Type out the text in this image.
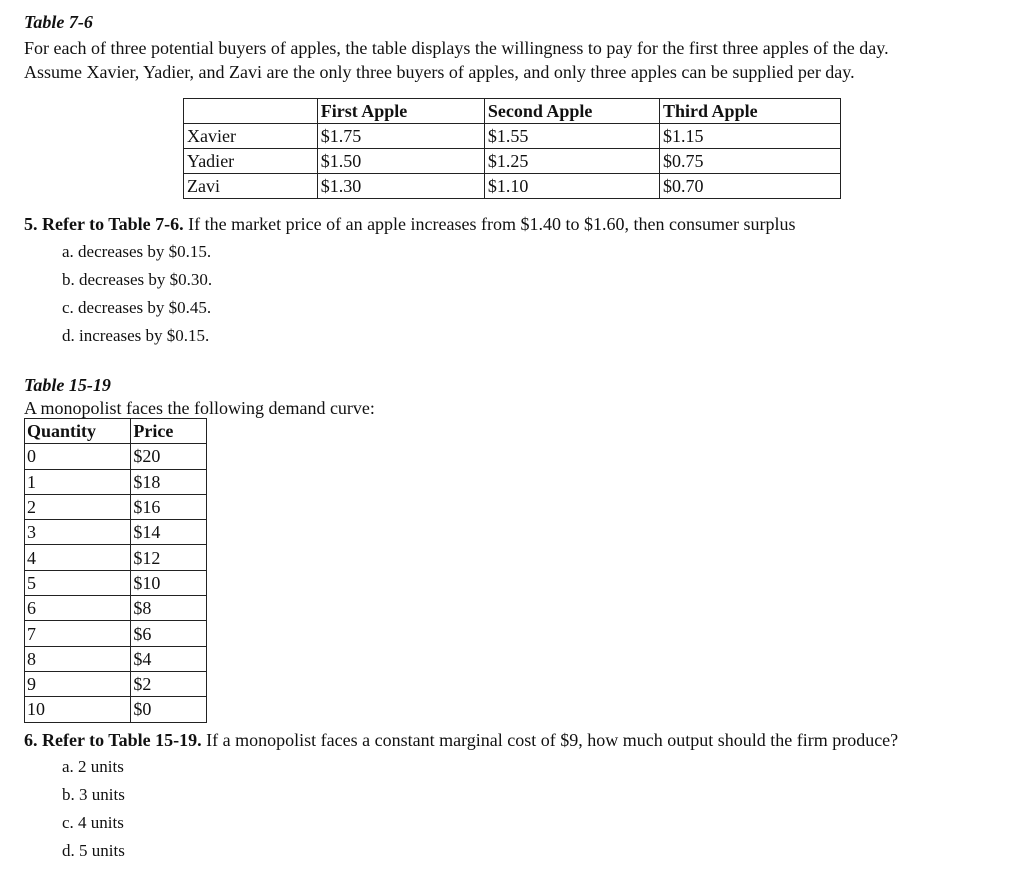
Table 7-6
For each of three potential buyers of apples, the table displays the willingness to pay for the first three apples of the day.
Assume Xavier, Yadier, and Zavi are the only three buyers of apples, and only three apples can be supplied per day.
	First Apple	Second Apple	Third Apple
Xavier	$1.75	$1.55	$1.15
Yadier	$1.50	$1.25	$0.75
Zavi	$1.30	$1.10	$0.70
5. Refer to Table 7-6. If the market price of an apple increases from $1.40 to $1.60, then consumer surplus
a. decreases by $0.15.
b. decreases by $0.30.
c. decreases by $0.45.
d. increases by $0.15.
Table 15-19
A monopolist faces the following demand curve:
Quantity	Price
0	$20
1	$18
2	$16
3	$14
4	$12
5	$10
6	$8
7	$6
8	$4
9	$2
10	$0
6. Refer to Table 15-19. If a monopolist faces a constant marginal cost of $9, how much output should the firm produce?
a. 2 units
b. 3 units
c. 4 units
d. 5 units
